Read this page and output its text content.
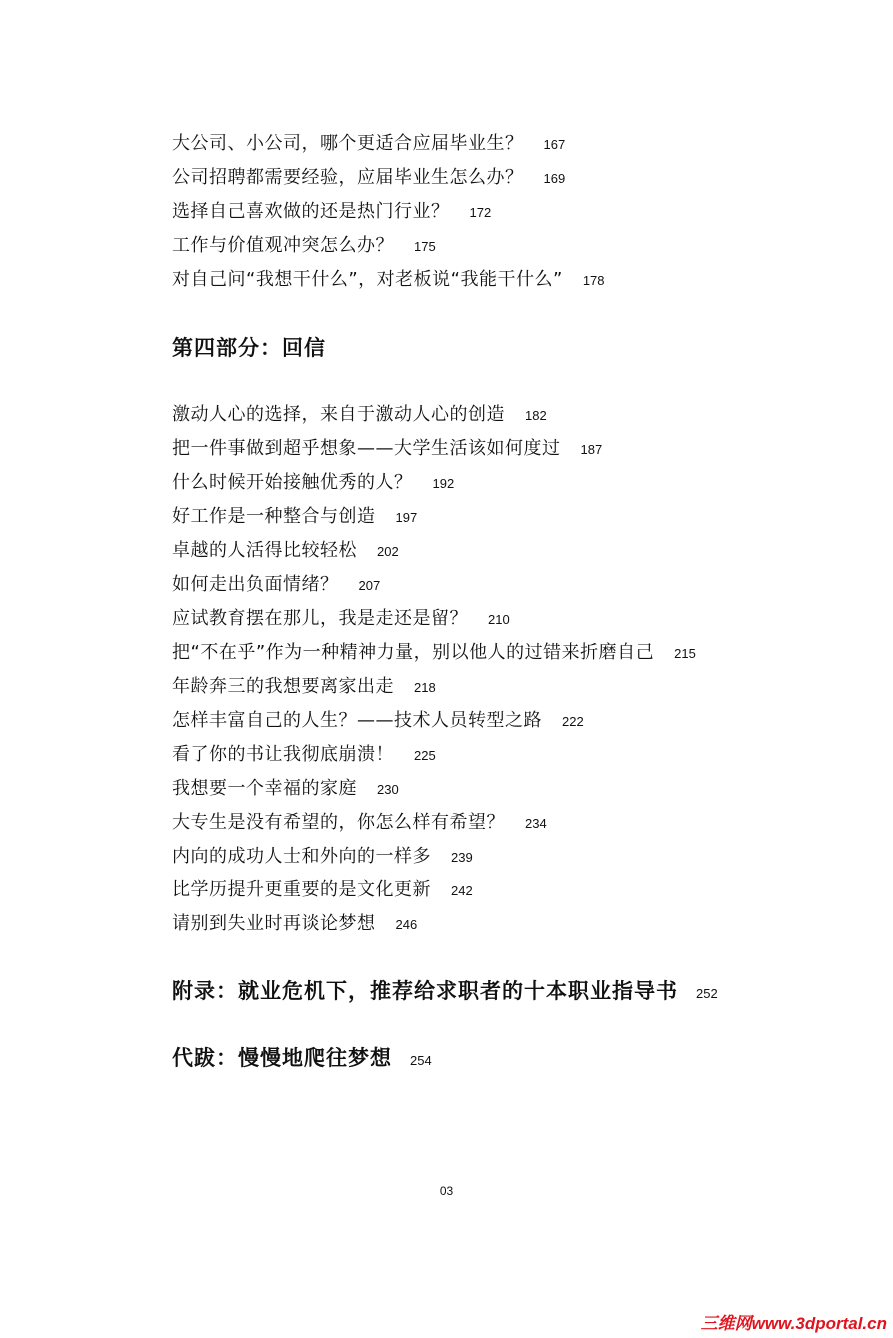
大公司、小公司，哪个更适合应届毕业生？ 167
公司招聘都需要经验，应届毕业生怎么办？ 169
选择自己喜欢做的还是热门行业？ 172
工作与价值观冲突怎么办？ 175
对自己问“我想干什么”，对老板说“我能干什么” 178
第四部分：回信
激动人心的选择，来自于激动人心的创造 182
把一件事做到超乎想象——大学生活该如何度过 187
什么时候开始接触优秀的人？ 192
好工作是一种整合与创造 197
卓越的人活得比较轻松 202
如何走出负面情绪？ 207
应试教育摆在那儿，我是走还是留？ 210
把“不在乎”作为一种精神力量，别以他人的过错来折磨自己 215
年龄奔三的我想要离家出走 218
怎样丰富自己的人生？——技术人员转型之路 222
看了你的书让我彻底崩溃！ 225
我想要一个幸福的家庭 230
大专生是没有希望的，你怎么样有希望？ 234
内向的成功人士和外向的一样多 239
比学历提升更重要的是文化更新 242
请别到失业时再谈论梦想 246
附录：就业危机下，推荐给求职者的十本职业指导书 252
代跋：慢慢地爬往梦想 254
03
三维网www.3dportal.cn
